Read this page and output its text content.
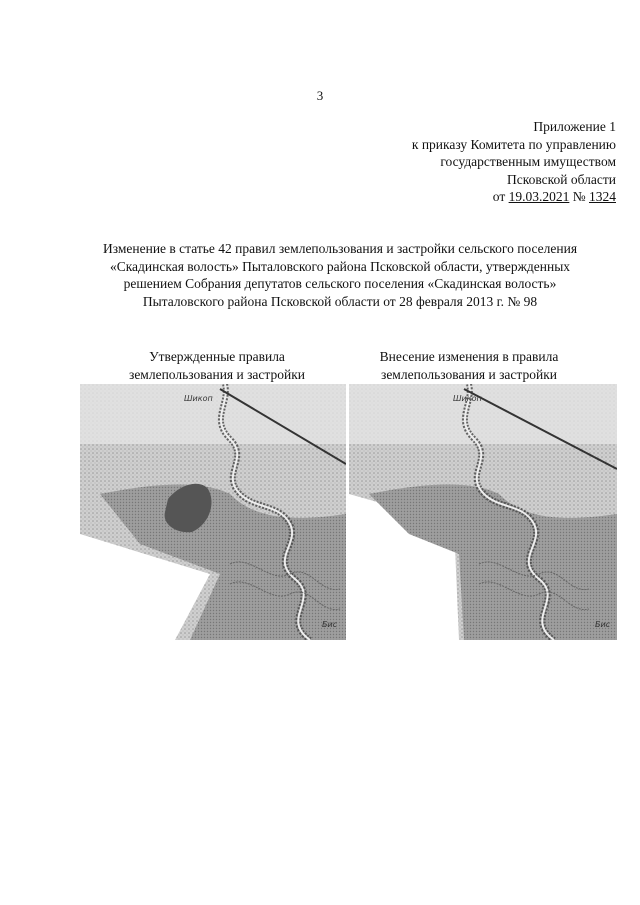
3
Приложение 1
к приказу Комитета по управлению
государственным имуществом
Псковской области
от 19.03.2021 № 1324
Изменение в статье 42 правил землепользования и застройки сельского поселения
«Скадинская волость» Пыталовского района Псковской области, утвержденных
решением Собрания депутатов сельского поселения «Скадинская волость»
Пыталовского района Псковской области от 28 февраля 2013 г. № 98
Утвержденные правила
землепользования и застройки
Внесение изменения в правила
землепользования и застройки
Шикоп
Бис
Шикоп
Бис
